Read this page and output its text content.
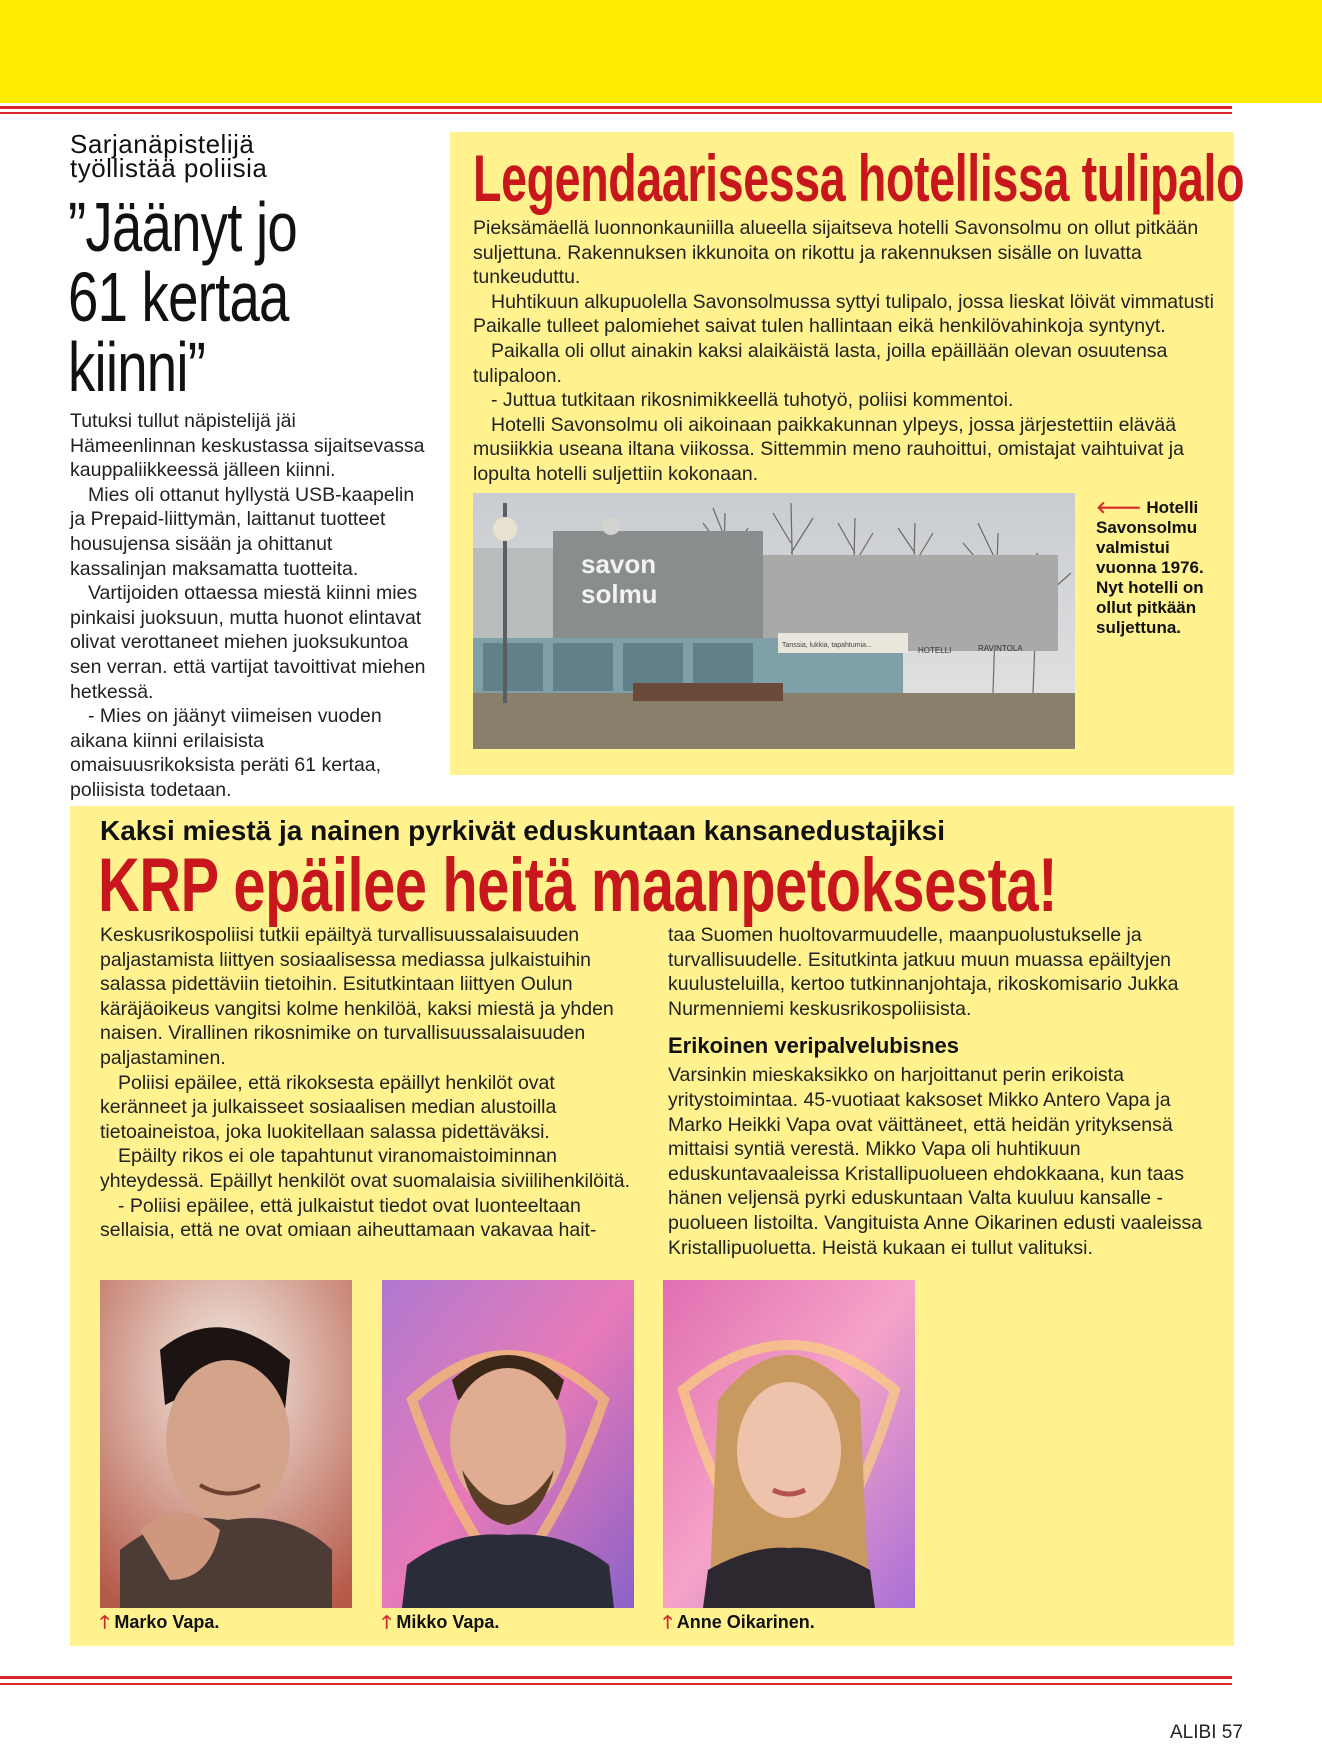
Sarjanäpistelijä
työllistää poliisia
”Jäänyt jo
61 kertaa
kiinni”

Tutuksi tullut näpistelijä jäi Hämeenlinnan keskustassa sijaitsevassa kauppaliikkeessä jälleen kiinni.

Mies oli ottanut hyllystä USB-kaapelin ja Prepaid-liittymän, laittanut tuotteet housujensa sisään ja ohittanut kassalinjan maksamatta tuotteita.

Vartijoiden ottaessa miestä kiinni mies pinkaisi juoksuun, mutta huonot elintavat olivat verottaneet miehen juoksukuntoa sen verran. että vartijat tavoittivat miehen hetkessä.

- Mies on jäänyt viimeisen vuoden aikana kiinni erilaisista omaisuusrikoksista peräti 61 kertaa, poliisista todetaan.

Legendaarisessa hotellissa tulipalo

Pieksämäellä luonnonkauniilla alueella sijaitseva hotelli Savonsolmu on ollut pitkään suljettuna. Rakennuksen ikkunoita on rikottu ja rakennuksen sisälle on luvatta tunkeuduttu.

Huhtikuun alkupuolella Savonsolmussa syttyi tulipalo, jossa lieskat löivät vimmatusti Paikalle tulleet palomiehet saivat tulen hallintaan eikä henkilövahinkoja syntynyt.

Paikalla oli ollut ainakin kaksi alaikäistä lasta, joilla epäillään olevan osuutensa tulipaloon.

- Juttua tutkitaan rikosnimikkeellä tuhotyö, poliisi kommentoi.

Hotelli Savonsolmu oli aikoinaan paikkakunnan ylpeys, jossa järjestettiin elävää musiikkia useana iltana viikossa. Sittemmin meno rauhoittui, omistajat vaihtuivat ja lopulta hotelli suljettiin kokonaan.

savon
solmu
Tanssia, lukkia, tapahtumia...
HOTELLI	RAVINTOLA
🡐 Hotelli Savonsolmu valmistui vuonna 1976. Nyt hotelli on ollut pitkään suljettuna.
Kaksi miestä ja nainen pyrkivät eduskuntaan kansanedustajiksi
KRP epäilee heitä maanpetoksesta!

Keskusrikospoliisi tutkii epäiltyä turvallisuussalaisuuden paljastamista liittyen sosiaalisessa mediassa julkaistuihin salassa pidettäviin tietoihin. Esitutkintaan liittyen Oulun käräjäoikeus vangitsi kolme henkilöä, kaksi miestä ja yhden naisen. Virallinen rikosnimike on turvallisuussalaisuuden paljastaminen.

Poliisi epäilee, että rikoksesta epäillyt henkilöt ovat keränneet ja julkaisseet sosiaalisen median alustoilla tietoaineistoa, joka luokitellaan salassa pidettäväksi.

Epäilty rikos ei ole tapahtunut viranomaistoiminnan yhteydessä. Epäillyt henkilöt ovat suomalaisia siviilihenkilöitä.

- Poliisi epäilee, että julkaistut tiedot ovat luonteeltaan sellaisia, että ne ovat omiaan aiheuttamaan vakavaa hait-

taa Suomen huoltovarmuudelle, maanpuolustukselle ja turvallisuudelle. Esitutkinta jatkuu muun muassa epäiltyjen kuulusteluilla, kertoo tutkinnanjohtaja, rikoskomisario Jukka Nurmenniemi keskusrikospoliisista.

Erikoinen veripalvelubisnes

Varsinkin mieskaksikko on harjoittanut perin erikoista yritystoimintaa. 45-vuotiaat kaksoset Mikko Antero Vapa ja Marko Heikki Vapa ovat väittäneet, että heidän yrityksensä mittaisi syntiä verestä. Mikko Vapa oli huhtikuun eduskuntavaaleissa Kristallipuolueen ehdokkaana, kun taas hänen veljensä pyrki eduskuntaan Valta kuuluu kansalle -puolueen listoilta. Vangituista Anne Oikarinen edusti vaaleissa Kristallipuoluetta. Heistä kukaan ei tullut valituksi.

🡑 Marko Vapa.	🡑 Mikko Vapa.	🡑 Anne Oikarinen.
ALIBI 57
